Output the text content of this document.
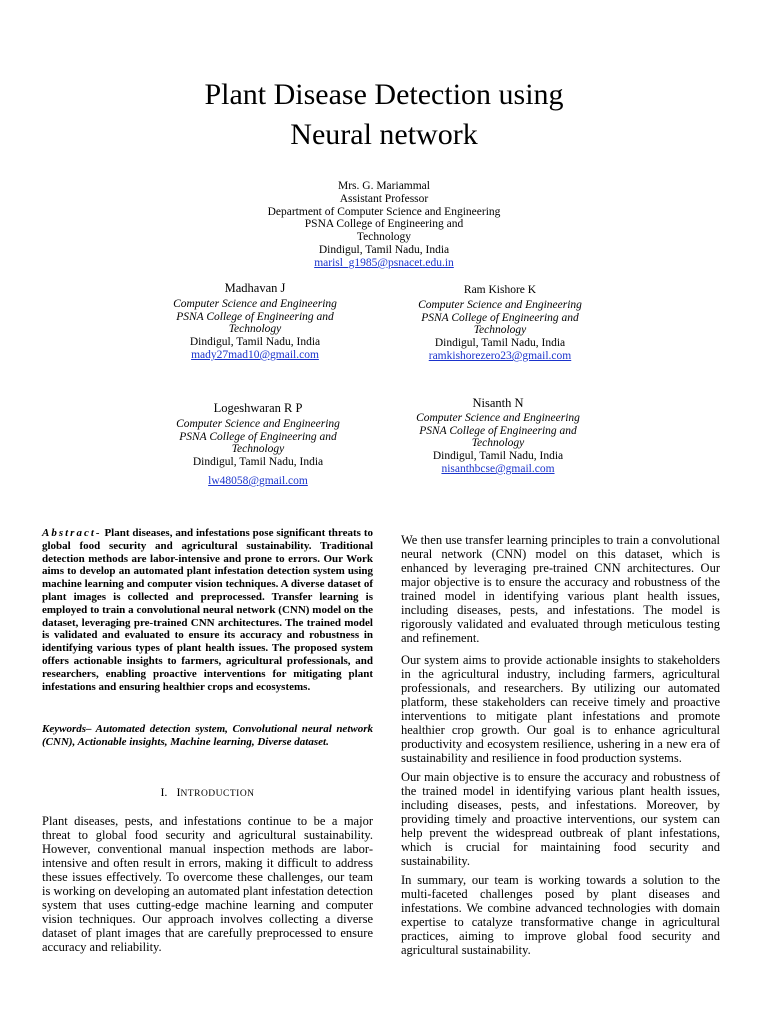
Plant Disease Detection using
Neural network
Mrs. G. Mariammal
Assistant Professor
Department of Computer Science and Engineering
PSNA College of Engineering and
Technology
Dindigul, Tamil Nadu, India
marisl_g1985@psnacet.edu.in
Madhavan J
Computer Science and Engineering
PSNA College of Engineering and
Technology
Dindigul, Tamil Nadu, India
mady27mad10@gmail.com
Ram Kishore K
Computer Science and Engineering
PSNA College of Engineering and
Technology
Dindigul, Tamil Nadu, India
ramkishorezero23@gmail.com
Logeshwaran R P
Computer Science and Engineering
PSNA College of Engineering and
Technology
Dindigul, Tamil Nadu, India
lw48058@gmail.com
Nisanth N
Computer Science and Engineering
PSNA College of Engineering and
Technology
Dindigul, Tamil Nadu, India
nisanthbcse@gmail.com
Abstract- Plant diseases, and infestations pose significant threats to global food security and agricultural sustainability. Traditional detection methods are labor-intensive and prone to errors. Our Work aims to develop an automated plant infestation detection system using machine learning and computer vision techniques. A diverse dataset of plant images is collected and preprocessed. Transfer learning is employed to train a convolutional neural network (CNN) model on the dataset, leveraging pre-trained CNN architectures. The trained model is validated and evaluated to ensure its accuracy and robustness in identifying various types of plant health issues. The proposed system offers actionable insights to farmers, agricultural professionals, and researchers, enabling proactive interventions for mitigating plant infestations and ensuring healthier crops and ecosystems.
Keywords– Automated detection system, Convolutional neural network (CNN), Actionable insights, Machine learning, Diverse dataset.
I. INTRODUCTION

Plant diseases, pests, and infestations continue to be a major threat to global food security and agricultural sustainability. However, conventional manual inspection methods are labor-intensive and often result in errors, making it difficult to address these issues effectively. To overcome these challenges, our team is working on developing an automated plant infestation detection system that uses cutting-edge machine learning and computer vision techniques. Our approach involves collecting a diverse dataset of plant images that are carefully preprocessed to ensure accuracy and reliability.

We then use transfer learning principles to train a convolutional neural network (CNN) model on this dataset, which is enhanced by leveraging pre-trained CNN architectures. Our major objective is to ensure the accuracy and robustness of the trained model in identifying various plant health issues, including diseases, pests, and infestations. The model is rigorously validated and evaluated through meticulous testing and refinement.

Our system aims to provide actionable insights to stakeholders in the agricultural industry, including farmers, agricultural professionals, and researchers. By utilizing our automated platform, these stakeholders can receive timely and proactive interventions to mitigate plant infestations and promote healthier crop growth. Our goal is to enhance agricultural productivity and ecosystem resilience, ushering in a new era of sustainability and resilience in food production systems.

Our main objective is to ensure the accuracy and robustness of the trained model in identifying various plant health issues, including diseases, pests, and infestations. Moreover, by providing timely and proactive interventions, our system can help prevent the widespread outbreak of plant infestations, which is crucial for maintaining food security and sustainability.

In summary, our team is working towards a solution to the multi-faceted challenges posed by plant diseases and infestations. We combine advanced technologies with domain expertise to catalyze transformative change in agricultural practices, aiming to improve global food security and agricultural sustainability.
